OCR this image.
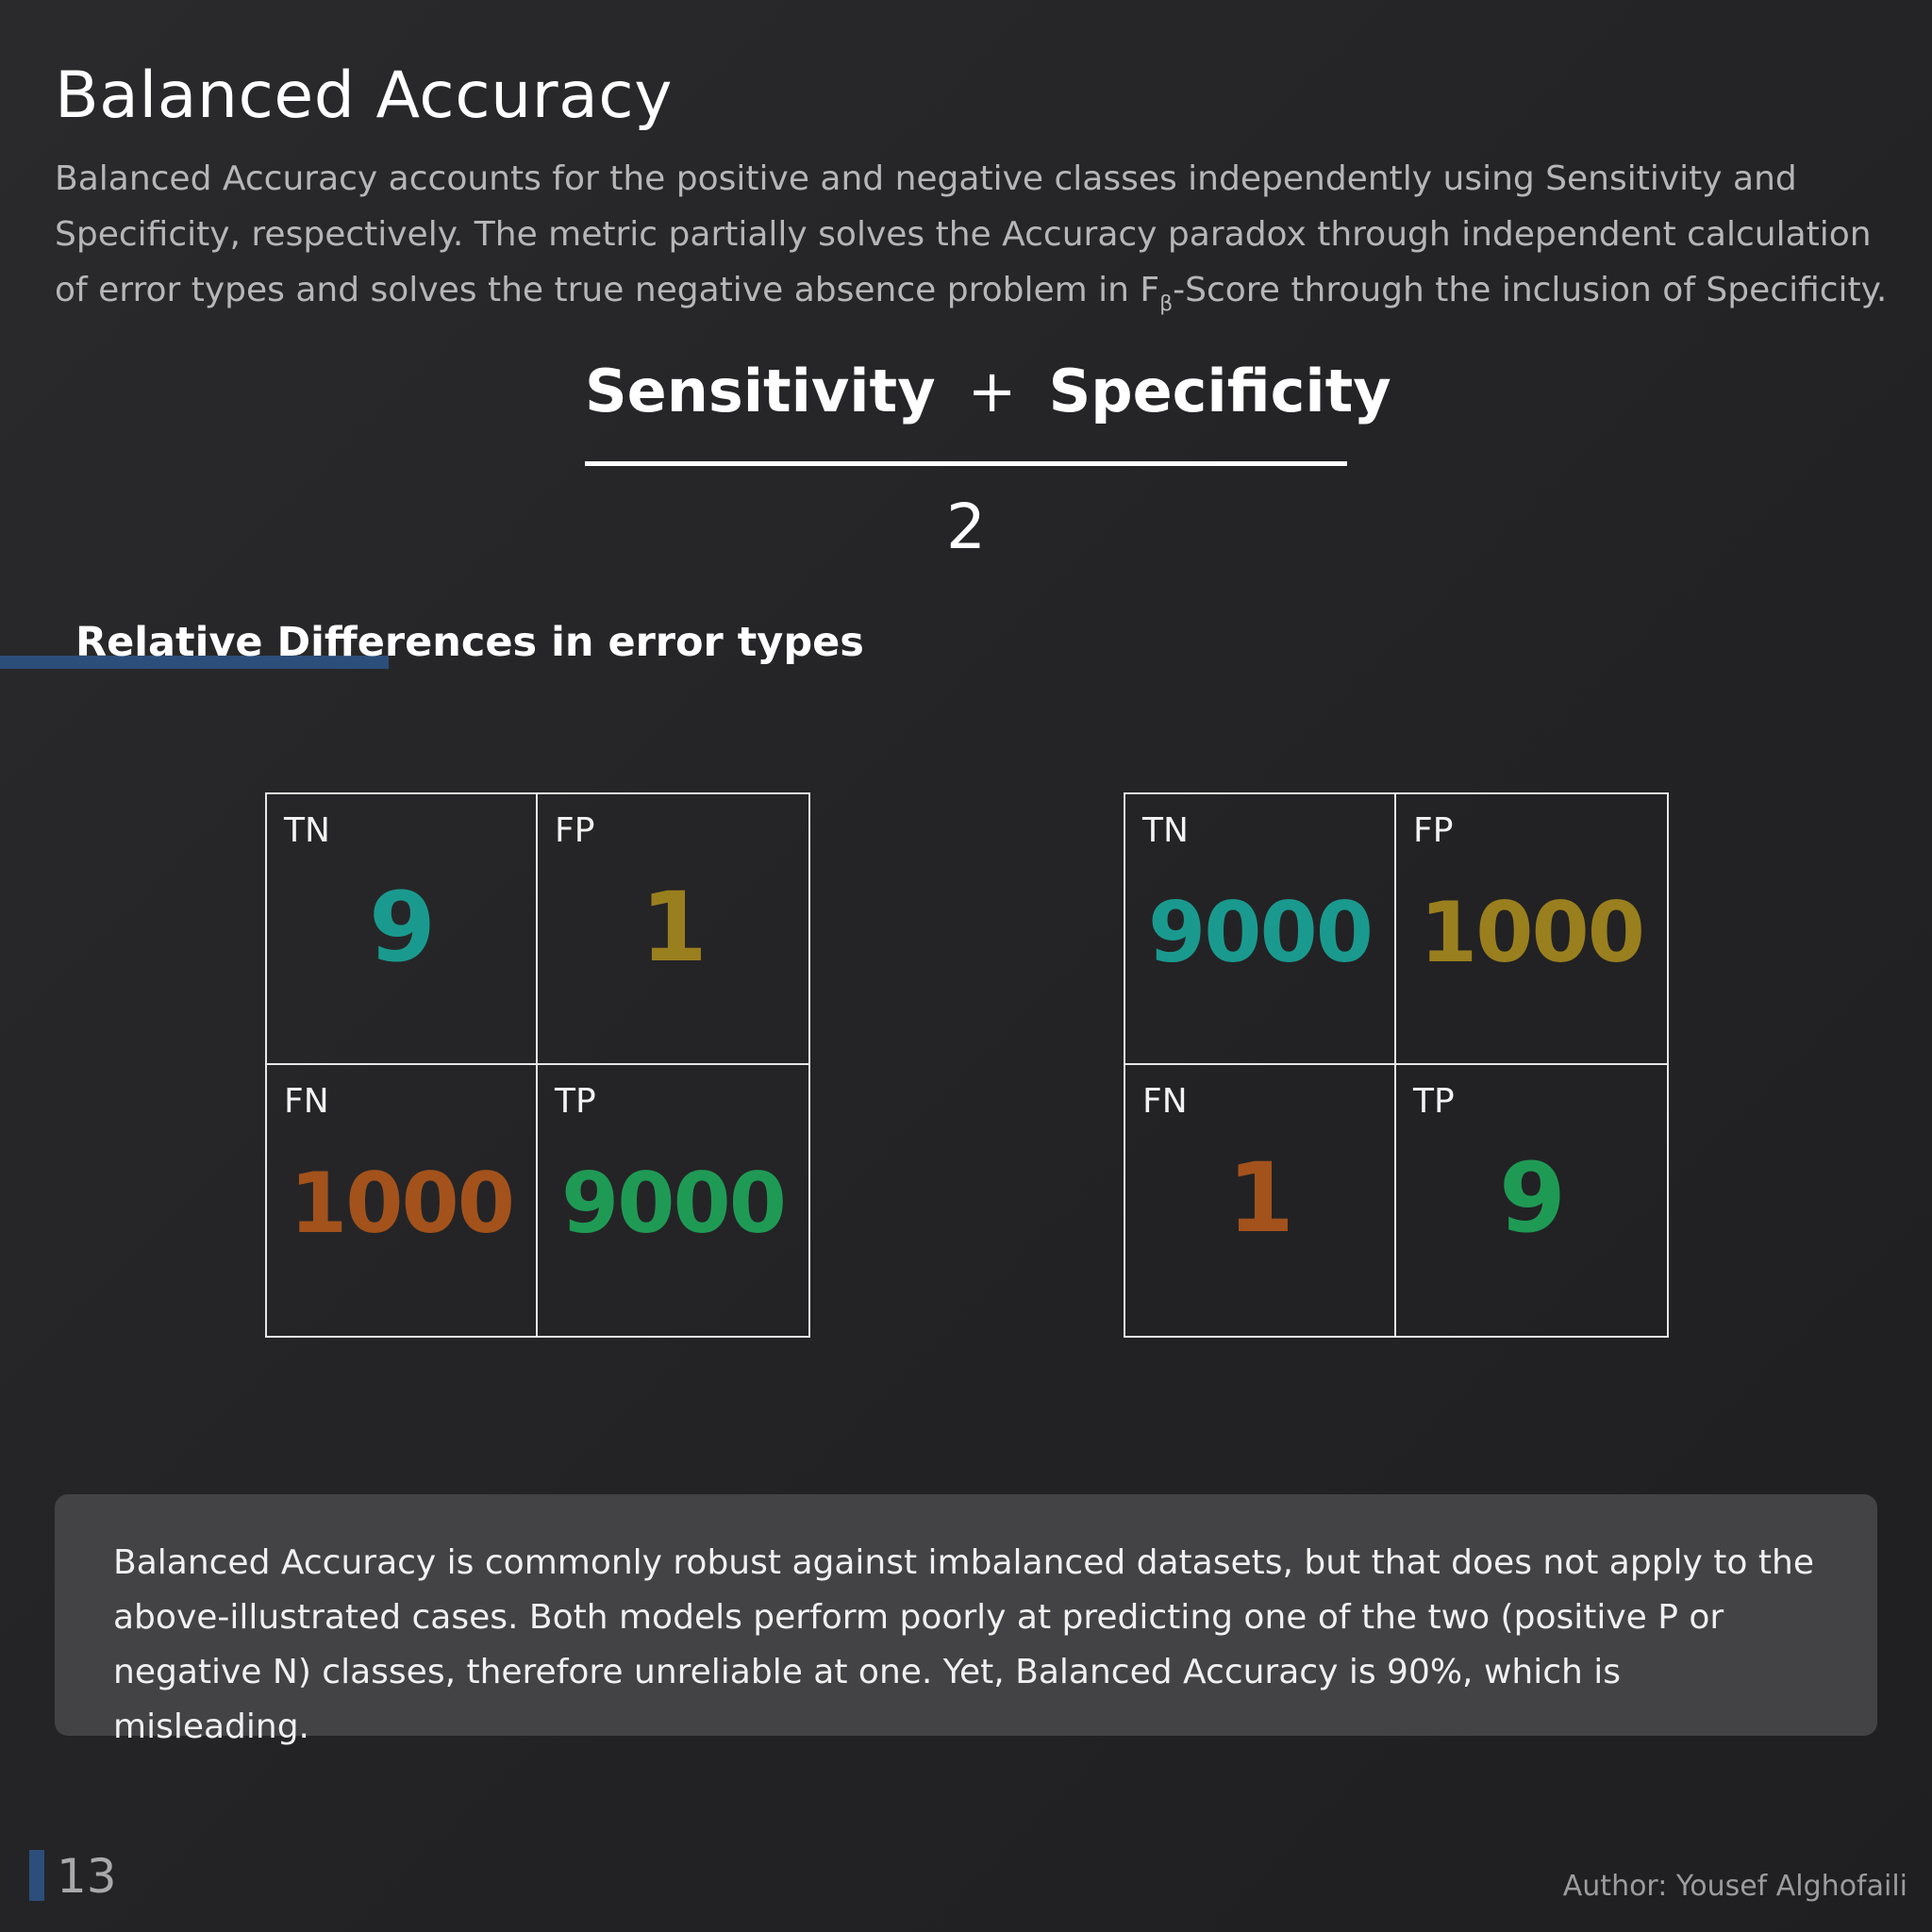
Balanced Accuracy

Balanced Accuracy accounts for the positive and negative classes independently using Sensitivity and Specificity, respectively. The metric partially solves the Accuracy paradox through independent calculation of error types and solves the true negative absence problem in $F_\beta$-Score through the inclusion of Specificity.

Sensitivity + Specificity
2
Relative Differences in error types
TN
9
FP
1
FN
1000
TP
9000
TN
9000
FP
1000
FN
1
TP
9

Balanced Accuracy is commonly robust against imbalanced datasets, but that does not apply to the above-illustrated cases. Both models perform poorly at predicting one of the two (positive P or negative N) classes, therefore unreliable at one. Yet, Balanced Accuracy is 90%, which is misleading.

13	Author: Yousef Alghofaili
